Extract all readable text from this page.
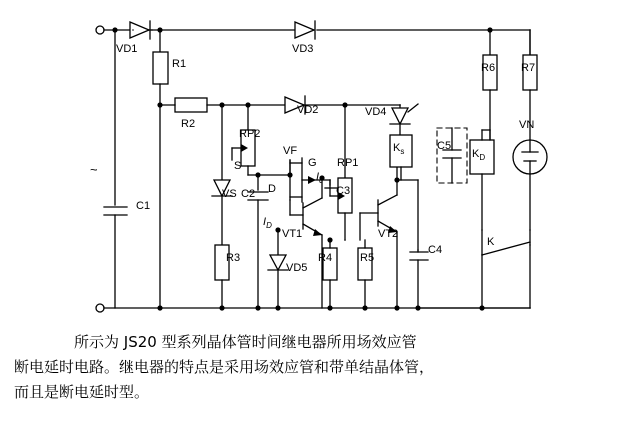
VD1
R1
VD3
R2
VD2	VD4
R6 R7
VN
RP2
S
VF
G RP1
VS C2 D
$I_c$
$I_D$
C3
VT1	VT2
R3
VD5
R4	R5
C4
C5
$K_s$	$K_D$
K
C1
~
所示为 JS20 型系列晶体管时间继电器所用场效应管
断电延时电路。继电器的特点是采用场效应管和带单结晶体管，
而且是断电延时型。
